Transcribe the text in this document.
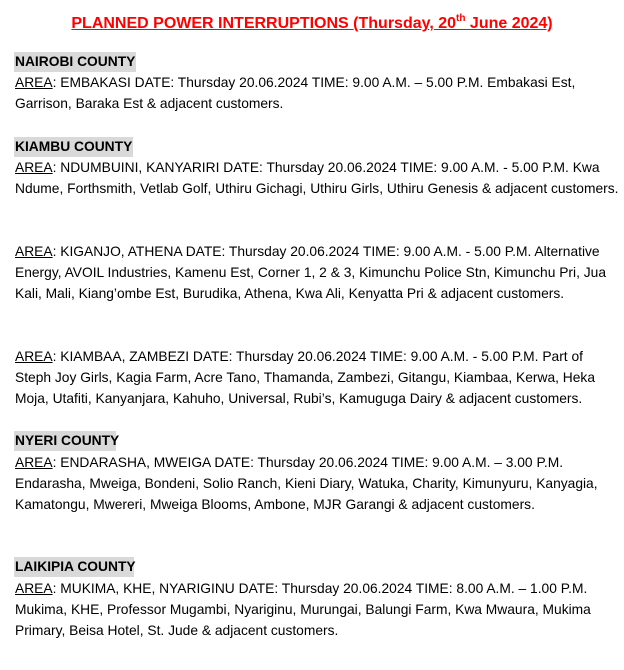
PLANNED POWER INTERRUPTIONS (Thursday, 20th June 2024)
NAIROBI COUNTY
AREA: EMBAKASI DATE: Thursday 20.06.2024 TIME: 9.00 A.M. – 5.00 P.M. Embakasi Est, Garrison, Baraka Est & adjacent customers.
KIAMBU COUNTY
AREA: NDUMBUINI, KANYARIRI DATE: Thursday 20.06.2024 TIME: 9.00 A.M. - 5.00 P.M. Kwa Ndume, Forthsmith, Vetlab Golf, Uthiru Gichagi, Uthiru Girls, Uthiru Genesis & adjacent customers.
AREA: KIGANJO, ATHENA DATE: Thursday 20.06.2024 TIME: 9.00 A.M. - 5.00 P.M. Alternative Energy, AVOIL Industries, Kamenu Est, Corner 1, 2 & 3, Kimunchu Police Stn, Kimunchu Pri, Jua Kali, Mali, Kiang’ombe Est, Burudika, Athena, Kwa Ali, Kenyatta Pri & adjacent customers.
AREA: KIAMBAA, ZAMBEZI DATE: Thursday 20.06.2024 TIME: 9.00 A.M. - 5.00 P.M. Part of Steph Joy Girls, Kagia Farm, Acre Tano, Thamanda, Zambezi, Gitangu, Kiambaa, Kerwa, Heka Moja, Utafiti, Kanyanjara, Kahuho, Universal, Rubi’s, Kamuguga Dairy & adjacent customers.
NYERI COUNTY
AREA: ENDARASHA, MWEIGA DATE: Thursday 20.06.2024 TIME: 9.00 A.M. – 3.00 P.M. Endarasha, Mweiga, Bondeni, Solio Ranch, Kieni Diary, Watuka, Charity, Kimunyuru, Kanyagia, Kamatongu, Mwereri, Mweiga Blooms, Ambone, MJR Garangi & adjacent customers.
LAIKIPIA COUNTY
AREA: MUKIMA, KHE, NYARIGINU DATE: Thursday 20.06.2024 TIME: 8.00 A.M. – 1.00 P.M. Mukima, KHE, Professor Mugambi, Nyariginu, Murungai, Balungi Farm, Kwa Mwaura, Mukima Primary, Beisa Hotel, St. Jude & adjacent customers.
